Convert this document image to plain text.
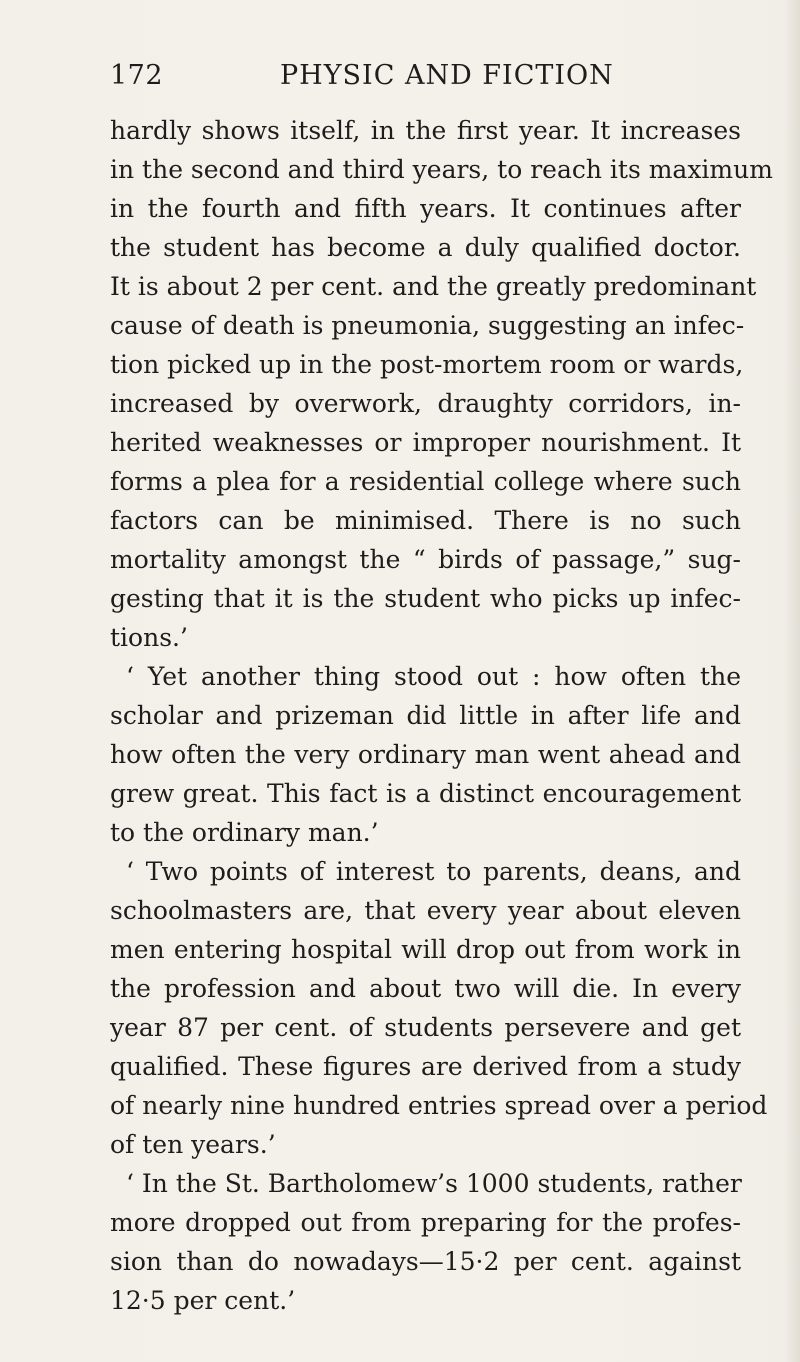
172	PHYSIC AND FICTION
hardly shows itself, in the first year. It increases
in the second and third years, to reach its maximum
in the fourth and fifth years. It continues after
the student has become a duly qualified doctor.
It is about 2 per cent. and the greatly predominant
cause of death is pneumonia, suggesting an infec-
tion picked up in the post-mortem room or wards,
increased by overwork, draughty corridors, in-
herited weaknesses or improper nourishment. It
forms a plea for a residential college where such
factors can be minimised. There is no such
mortality amongst the “ birds of passage,” sug-
gesting that it is the student who picks up infec-
tions.’
‘ Yet another thing stood out : how often the
scholar and prizeman did little in after life and
how often the very ordinary man went ahead and
grew great. This fact is a distinct encouragement
to the ordinary man.’
‘ Two points of interest to parents, deans, and
schoolmasters are, that every year about eleven
men entering hospital will drop out from work in
the profession and about two will die. In every
year 87 per cent. of students persevere and get
qualified. These figures are derived from a study
of nearly nine hundred entries spread over a period
of ten years.’
‘ In the St. Bartholomew’s 1000 students, rather
more dropped out from preparing for the profes-
sion than do nowadays—15·2 per cent. against
12·5 per cent.’
